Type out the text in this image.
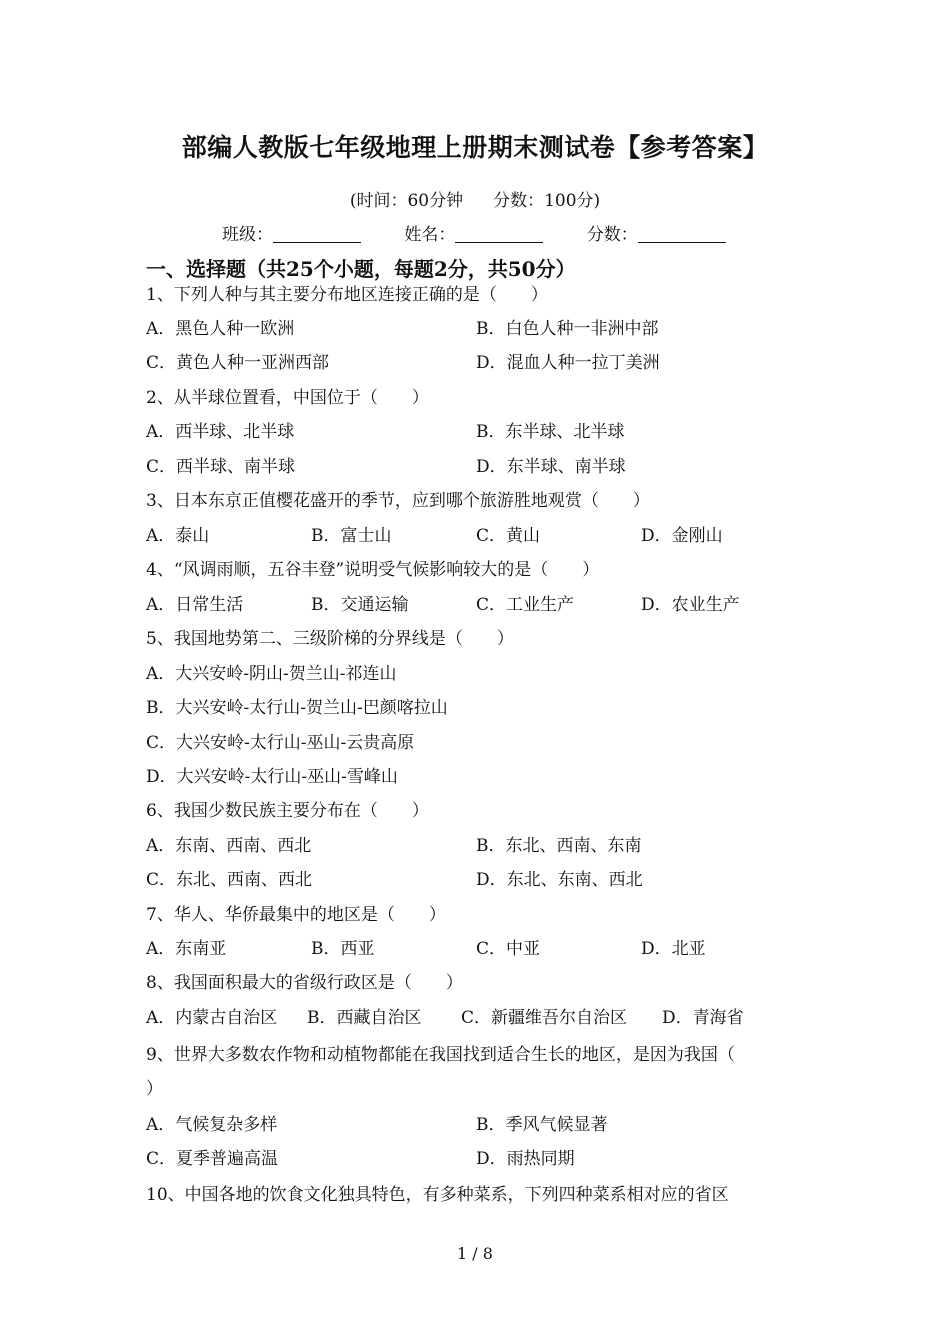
部编人教版七年级地理上册期末测试卷【参考答案】
(时间：60分钟 分数：100分)
班级：	姓名：	分数：
一、选择题（共25个小题，每题2分，共50分）
1、下列人种与其主要分布地区连接正确的是（　　）
A．黑色人种一欧洲	B．白色人种一非洲中部
C．黄色人种一亚洲西部	D．混血人种一拉丁美洲
2、从半球位置看，中国位于（　　）
A．西半球、北半球	B．东半球、北半球
C．西半球、南半球	D．东半球、南半球
3、日本东京正值樱花盛开的季节，应到哪个旅游胜地观赏（　　）
A．泰山	B．富士山	C．黄山	D．金刚山
4、“风调雨顺，五谷丰登”说明受气候影响较大的是（　　）
A．日常生活	B．交通运输	C．工业生产	D．农业生产
5、我国地势第二、三级阶梯的分界线是（　　）
A．大兴安岭-阴山-贺兰山-祁连山
B．大兴安岭-太行山-贺兰山-巴颜喀拉山
C．大兴安岭-太行山-巫山-云贵高原
D．大兴安岭-太行山-巫山-雪峰山
6、我国少数民族主要分布在（　　）
A．东南、西南、西北	B．东北、西南、东南
C．东北、西南、西北	D．东北、东南、西北
7、华人、华侨最集中的地区是（　　）
A．东南亚	B．西亚	C．中亚	D．北亚
8、我国面积最大的省级行政区是（　　）
A．内蒙古自治区 B．西藏自治区 C．新疆维吾尔自治区 D．青海省
9、世界大多数农作物和动植物都能在我国找到适合生长的地区，是因为我国（
）
A．气候复杂多样	B．季风气候显著
C．夏季普遍高温	D．雨热同期
10、中国各地的饮食文化独具特色，有多种菜系，下列四种菜系相对应的省区
1 / 8
